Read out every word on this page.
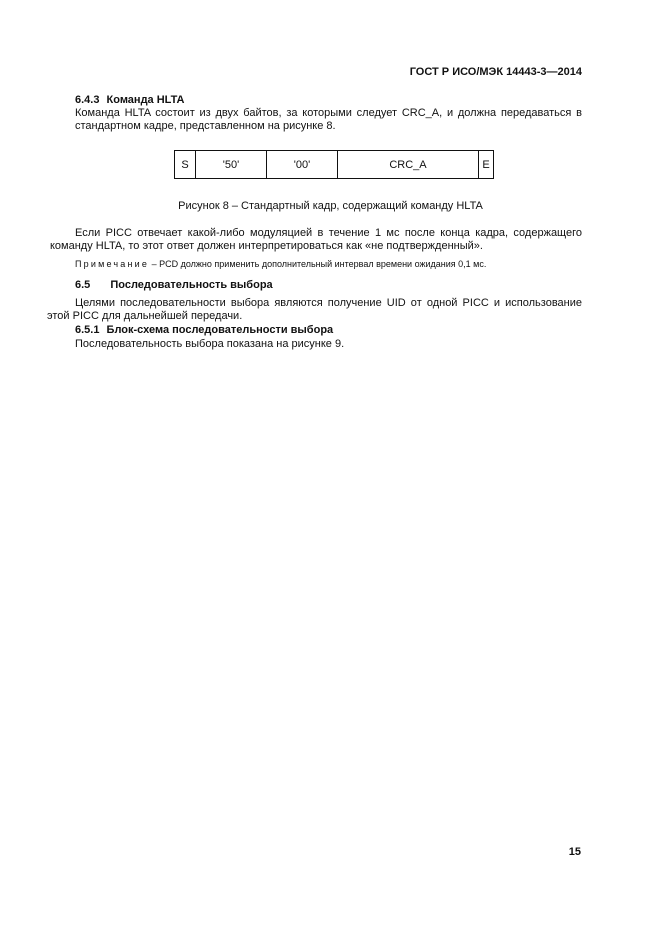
ГОСТ Р ИСО/МЭК 14443-3—2014
6.4.3 Команда HLTA
Команда HLTA состоит из двух байтов, за которыми следует CRC_A, и должна передаваться в
стандартном кадре, представленном на рисунке 8.
S	'50'	'00'	CRC_A	E
Рисунок 8 – Стандартный кадр, содержащий команду HLTA
Если PICC отвечает какой-либо модуляцией в течение 1 мс после конца кадра, содержащего
команду HLTA, то этот ответ должен интерпретироваться как «не подтвержденный».
Примечание – PCD должно применить дополнительный интервал времени ожидания 0,1 мс.
6.5 Последовательность выбора
Целями последовательности выбора являются получение UID от одной PICC и использование
этой PICC для дальнейшей передачи.
6.5.1 Блок-схема последовательности выбора
Последовательность выбора показана на рисунке 9.
15
